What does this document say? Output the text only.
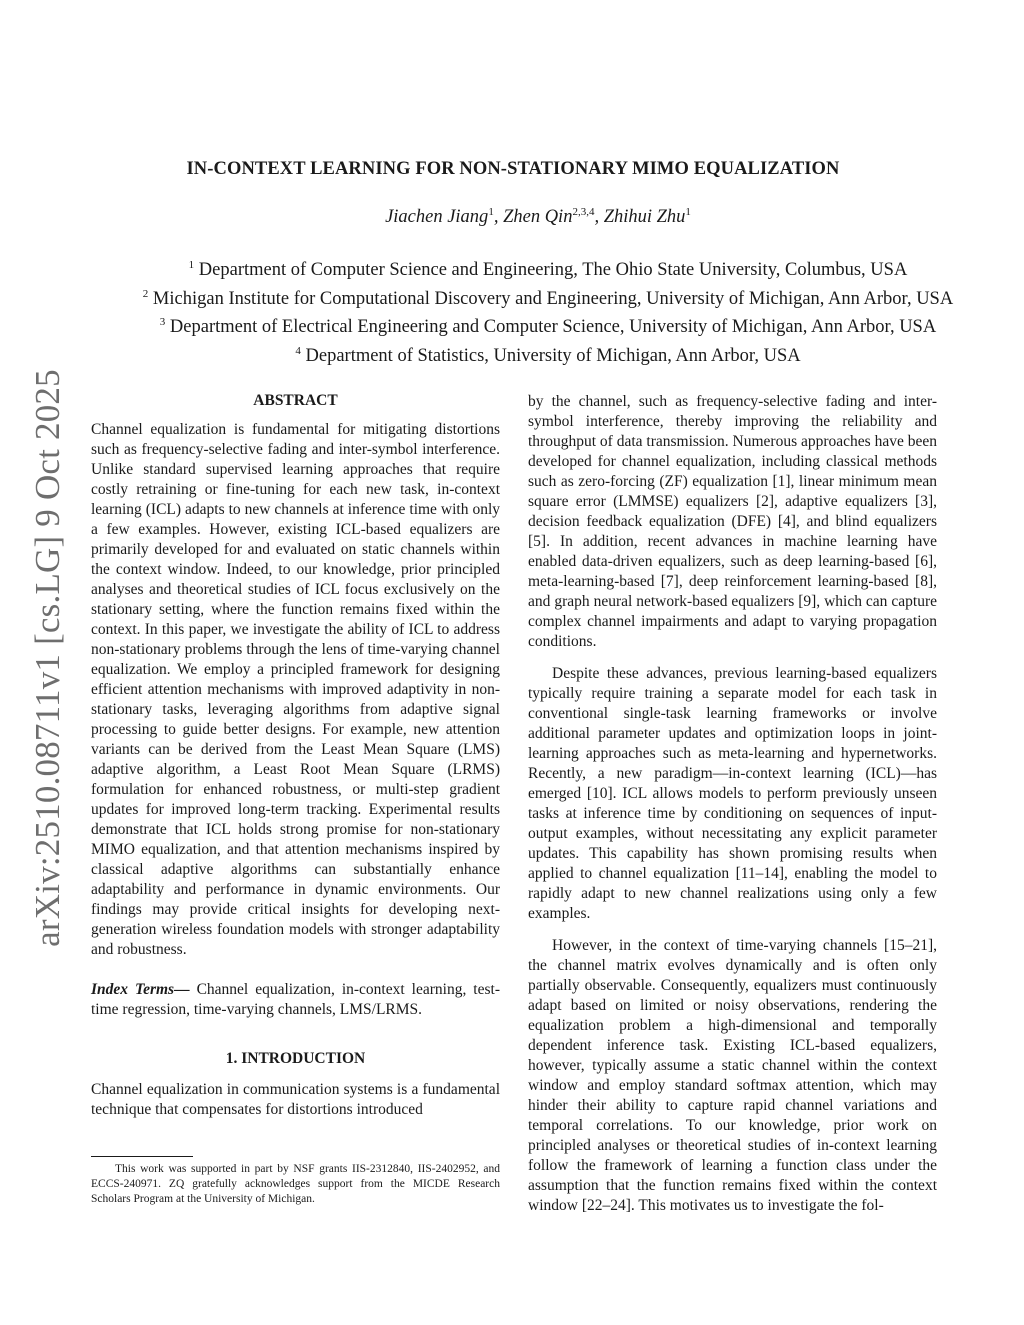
arXiv:2510.08711v1 [cs.LG] 9 Oct 2025
IN-CONTEXT LEARNING FOR NON-STATIONARY MIMO EQUALIZATION
Jiachen Jiang$^1$, Zhen Qin$^{2,3,4}$, Zhihui Zhu$^1$
$^1$ Department of Computer Science and Engineering, The Ohio State University, Columbus, USA
$^2$ Michigan Institute for Computational Discovery and Engineering, University of Michigan, Ann Arbor, USA
$^3$ Department of Electrical Engineering and Computer Science, University of Michigan, Ann Arbor, USA
$^4$ Department of Statistics, University of Michigan, Ann Arbor, USA
ABSTRACT

Channel equalization is fundamental for mitigating distortions such as frequency-selective fading and inter-symbol interference. Unlike standard supervised learning approaches that require costly retraining or fine-tuning for each new task, in-context learning (ICL) adapts to new channels at inference time with only a few examples. However, existing ICL-based equalizers are primarily developed for and evaluated on static channels within the context window. Indeed, to our knowledge, prior principled analyses and theoretical studies of ICL focus exclusively on the stationary setting, where the function remains fixed within the context. In this paper, we investigate the ability of ICL to address non-stationary problems through the lens of time-varying channel equalization. We employ a principled framework for designing efficient attention mechanisms with improved adaptivity in non-stationary tasks, leveraging algorithms from adaptive signal processing to guide better designs. For example, new attention variants can be derived from the Least Mean Square (LMS) adaptive algorithm, a Least Root Mean Square (LRMS) formulation for enhanced robustness, or multi-step gradient updates for improved long-term tracking. Experimental results demonstrate that ICL holds strong promise for non-stationary MIMO equalization, and that attention mechanisms inspired by classical adaptive algorithms can substantially enhance adaptability and performance in dynamic environments. Our findings may provide critical insights for developing next-generation wireless foundation models with stronger adaptability and robustness.

Index Terms— Channel equalization, in-context learning, test-time regression, time-varying channels, LMS/LRMS.

1. INTRODUCTION

Channel equalization in communication systems is a fundamental technique that compensates for distortions introduced

This work was supported in part by NSF grants IIS-2312840, IIS-2402952, and ECCS-240971. ZQ gratefully acknowledges support from the MICDE Research Scholars Program at the University of Michigan.

by the channel, such as frequency-selective fading and inter-symbol interference, thereby improving the reliability and throughput of data transmission. Numerous approaches have been developed for channel equalization, including classical methods such as zero-forcing (ZF) equalization [1], linear minimum mean square error (LMMSE) equalizers [2], adaptive equalizers [3], decision feedback equalization (DFE) [4], and blind equalizers [5]. In addition, recent advances in machine learning have enabled data-driven equalizers, such as deep learning-based [6], meta-learning-based [7], deep reinforcement learning-based [8], and graph neural network-based equalizers [9], which can capture complex channel impairments and adapt to varying propagation conditions.

Despite these advances, previous learning-based equalizers typically require training a separate model for each task in conventional single-task learning frameworks or involve additional parameter updates and optimization loops in joint-learning approaches such as meta-learning and hypernetworks. Recently, a new paradigm—in-context learning (ICL)—has emerged [10]. ICL allows models to perform previously unseen tasks at inference time by conditioning on sequences of input-output examples, without necessitating any explicit parameter updates. This capability has shown promising results when applied to channel equalization [11–14], enabling the model to rapidly adapt to new channel realizations using only a few examples.

However, in the context of time-varying channels [15–21], the channel matrix evolves dynamically and is often only partially observable. Consequently, equalizers must continuously adapt based on limited or noisy observations, rendering the equalization problem a high-dimensional and temporally dependent inference task. Existing ICL-based equalizers, however, typically assume a static channel within the context window and employ standard softmax attention, which may hinder their ability to capture rapid channel variations and temporal correlations. To our knowledge, prior work on principled analyses or theoretical studies of in-context learning follow the framework of learning a function class under the assumption that the function remains fixed within the context window [22–24]. This motivates us to investigate the fol-
